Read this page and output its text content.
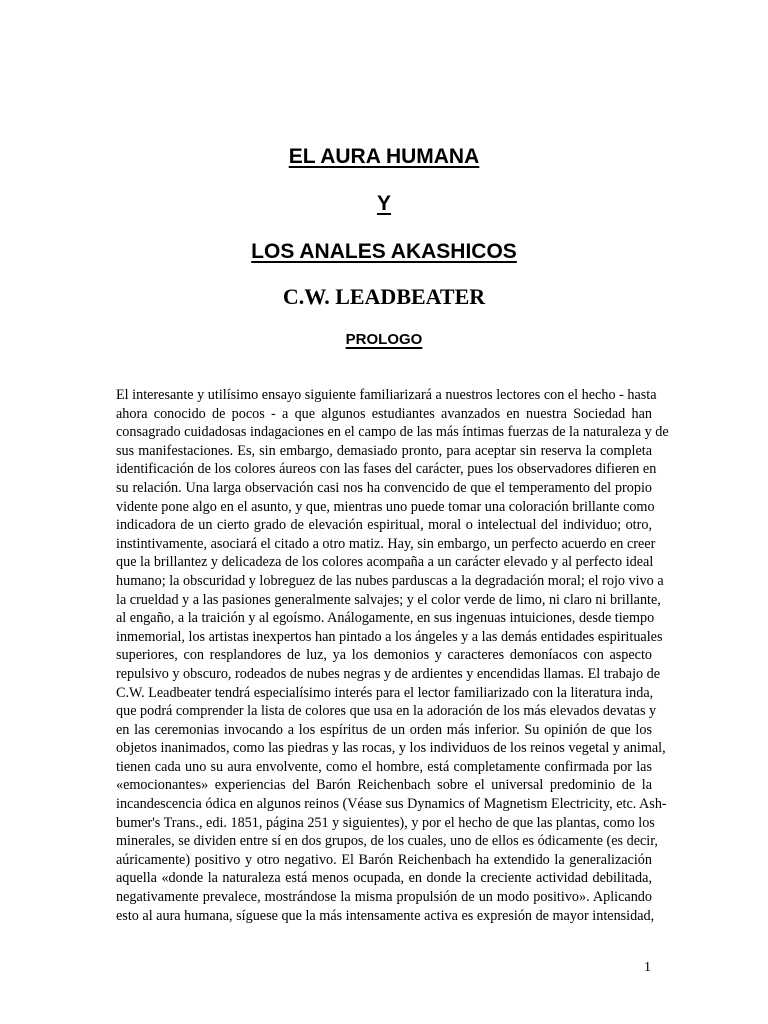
EL AURA HUMANA
Y
LOS ANALES AKASHICOS
C.W. LEADBEATER
PROLOGO
El interesante y utilísimo ensayo siguiente familiarizará a nuestros lectores con el hecho - hasta
ahora conocido de pocos - a que algunos estudiantes avanzados en nuestra Sociedad han
consagrado cuidadosas indagaciones en el campo de las más íntimas fuerzas de la naturaleza y de
sus manifestaciones. Es, sin embargo, demasiado pronto, para aceptar sin reserva la completa
identificación de los colores áureos con las fases del carácter, pues los observadores difieren en
su relación. Una larga observación casi nos ha convencido de que el temperamento del propio
vidente pone algo en el asunto, y que, mientras uno puede tomar una coloración brillante como
indicadora de un cierto grado de elevación espiritual, moral o intelectual del individuo; otro,
instintivamente, asociará el citado a otro matiz. Hay, sin embargo, un perfecto acuerdo en creer
que la brillantez y delicadeza de los colores acompaña a un carácter elevado y al perfecto ideal
humano; la obscuridad y lobreguez de las nubes parduscas a la degradación moral; el rojo vivo a
la crueldad y a las pasiones generalmente salvajes; y el color verde de limo, ni claro ni brillante,
al engaño, a la traición y al egoísmo. Análogamente, en sus ingenuas intuiciones, desde tiempo
inmemorial, los artistas inexpertos han pintado a los ángeles y a las demás entidades espirituales
superiores, con resplandores de luz, ya los demonios y caracteres demoníacos con aspecto
repulsivo y obscuro, rodeados de nubes negras y de ardientes y encendidas llamas. El trabajo de
C.W. Leadbeater tendrá especialísimo interés para el lector familiarizado con la literatura inda,
que podrá comprender la lista de colores que usa en la adoración de los más elevados devatas y
en las ceremonias invocando a los espíritus de un orden más inferior. Su opinión de que los
objetos inanimados, como las piedras y las rocas, y los individuos de los reinos vegetal y animal,
tienen cada uno su aura envolvente, como el hombre, está completamente confirmada por las
«emocionantes» experiencias del Barón Reichenbach sobre el universal predominio de la
incandescencia ódica en algunos reinos (Véase sus Dynamics of Magnetism Electricity, etc. Ash-
bumer's Trans., edi. 1851, página 251 y siguientes), y por el hecho de que las plantas, como los
minerales, se dividen entre sí en dos grupos, de los cuales, uno de ellos es ódicamente (es decir,
aúricamente) positivo y otro negativo. El Barón Reichenbach ha extendido la generalización
aquella «donde la naturaleza está menos ocupada, en donde la creciente actividad debilitada,
negativamente prevalece, mostrándose la misma propulsión de un modo positivo». Aplicando
esto al aura humana, síguese que la más intensamente activa es expresión de mayor intensidad,
1
